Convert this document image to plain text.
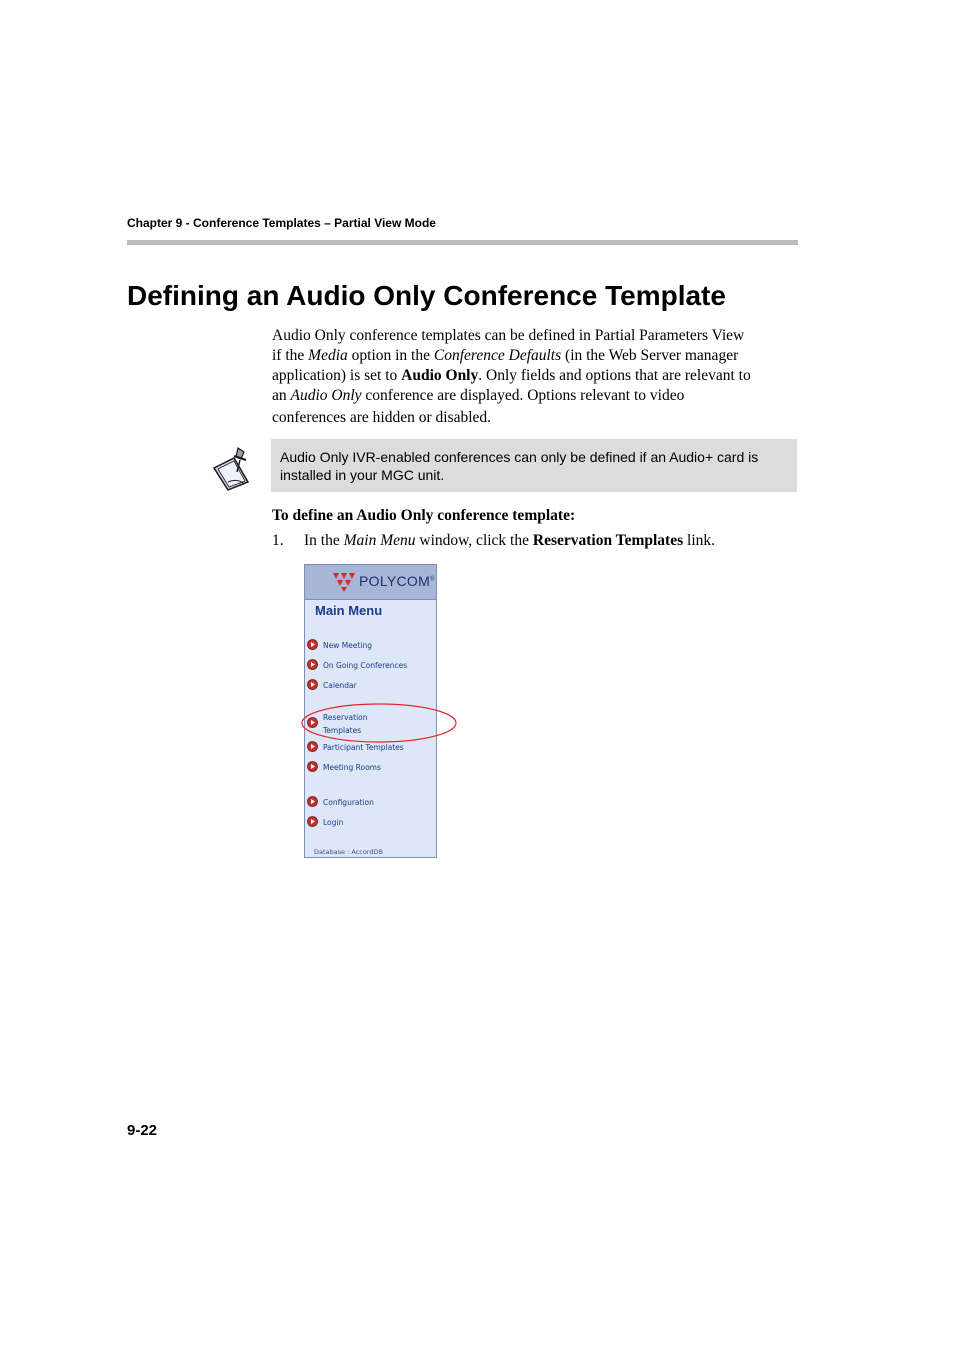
Chapter 9 - Conference Templates – Partial View Mode
Defining an Audio Only Conference Template
Audio Only conference templates can be defined in Partial Parameters View
if the Media option in the Conference Defaults (in the Web Server manager
application) is set to Audio Only. Only fields and options that are relevant to
an Audio Only conference are displayed. Options relevant to video
conferences are hidden or disabled.
Audio Only IVR-enabled conferences can only be defined if an Audio+ card is
installed in your MGC unit.
To define an Audio Only conference template:
1. In the Main Menu window, click the Reservation Templates link.
POLYCOM®
Main Menu
New Meeting
On Going Conferences
Calendar
Reservation
Templates
Participant Templates
Meeting Rooms
Configuration
Login
Database : AccordDB
9-22
